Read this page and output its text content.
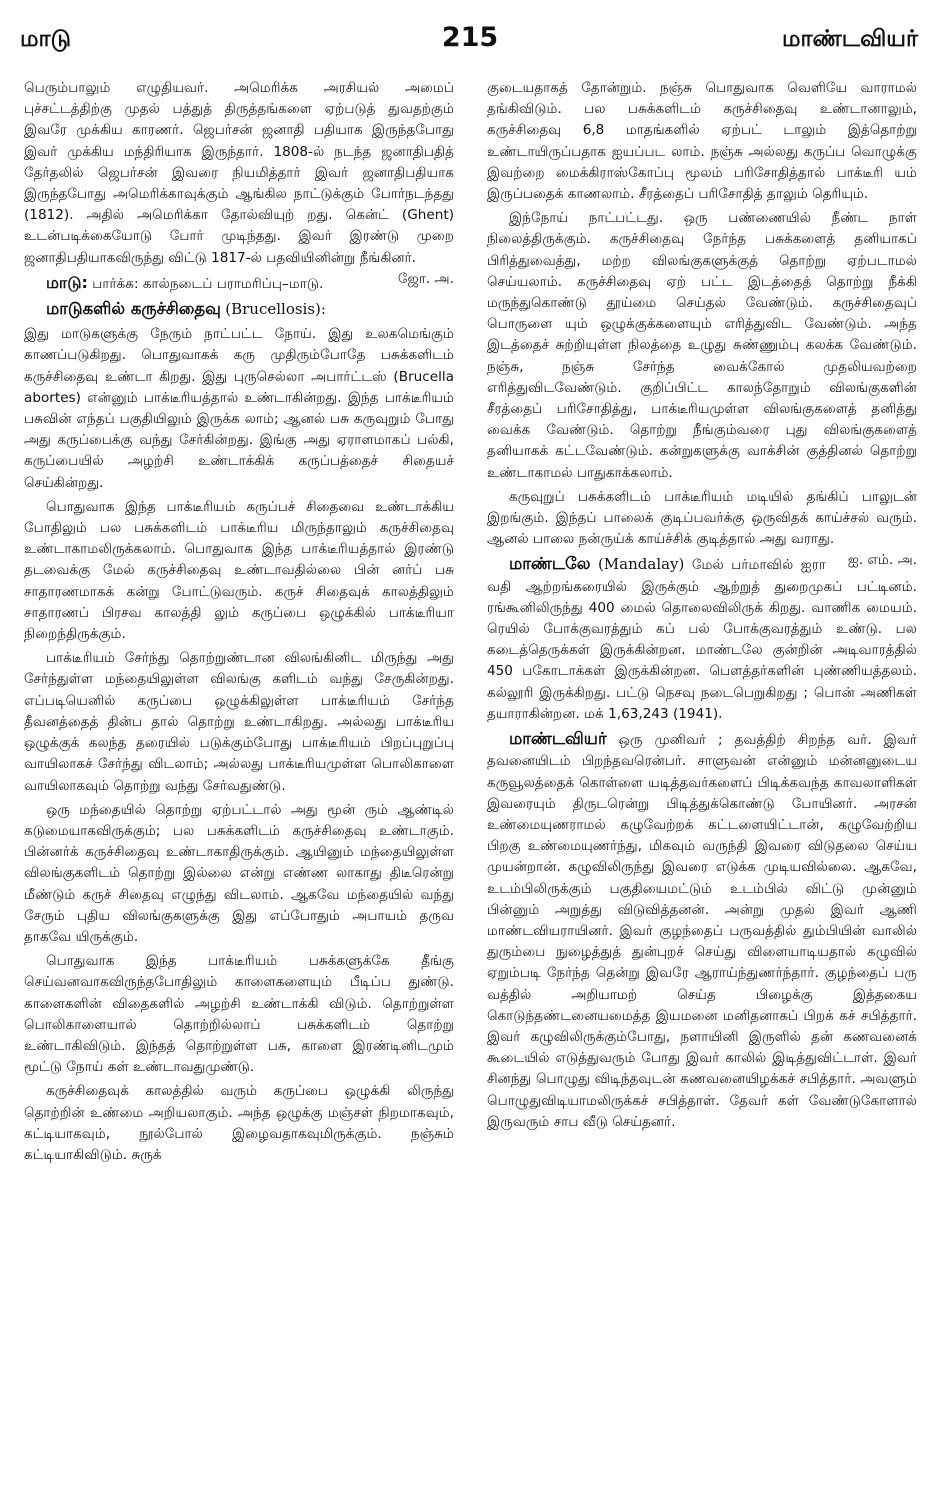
மாடு	215	மாண்டவியர்

பெரும்பாலும் எழுதியவர். அமெரிக்க அரசியல் அமைப் புச்சட்டத்திற்கு முதல் பத்துத் திருத்தங்களை ஏற்படுத் துவதற்கும் இவரே முக்கிய காரணர். ஜெபர்சன் ஜனாதி பதியாக இருந்தபோது இவர் முக்கிய மந்திரியாக இருந்தார். 1808-ல் நடந்த ஜனாதிபதித் தேர்தலில் ஜெபர்சன் இவரை நியமித்தார் இவர் ஜனாதிபதியாக இருந்தபோது அமெரிக்காவுக்கும் ஆங்கில நாட்டுக்கும் போர்நடந்தது (1812). அதில் அமெரிக்கா தோல்வியுற் றது. கென்ட் (Ghent) உடன்படிக்கையோடு போர் முடிந்தது. இவர் இரண்டு முறை ஜனாதிபதியாகவிருந்து விட்டு 1817-ல் பதவியினின்று நீங்கினர்.
ஜோ. அ.

மாடு: பார்க்க: கால்நடைப் பராமரிப்பு–மாடு.

மாடுகளில் கருச்சிதைவு (Brucellosis):

இது மாடுகளுக்கு நேரும் நாட்பட்ட நோய். இது உலகமெங்கும் காணப்படுகிறது. பொதுவாகக் கரு முதிரும்போதே பசுக்களிடம் கருச்சிதைவு உண்டா கிறது. இது புருசெல்லா அபார்ட்டஸ் (Brucella abortes) என்னும் பாக்டீரியத்தால் உண்டாகின்றது. இந்த பாக்டீரியம் பசுவின் எந்தப் பகுதியிலும் இருக்க லாம்; ஆனல் பசு கருவுறும் போது அது கருப்பைக்கு வந்து சேர்கின்றது. இங்கு அது ஏராளமாகப் பல்கி, கருப்பையில் அழற்சி உண்டாக்கிக் கருப்பத்தைச் சிதையச் செய்கின்றது.

பொதுவாக இந்த பாக்டீரியம் கருப்பச் சிதைவை உண்டாக்கிய போதிலும் பல பசுக்களிடம் பாக்டீரிய மிருந்தாலும் கருச்சிதைவு உண்டாகாமலிருக்கலாம். பொதுவாக இந்த பாக்டீரியத்தால் இரண்டு தடவைக்கு மேல் கருச்சிதைவு உண்டாவதில்லை பின் னர்ப் பசு சாதாரணமாகக் கன்று போட்டுவரும். கருச் சிதைவுக் காலத்திலும் சாதாரணப் பிரசவ காலத்தி லும் கருப்பை ஒழுக்கில் பாக்டீரியா நிறைந்திருக்கும்.

பாக்டீரியம் சேர்ந்து தொற்றுண்டான விலங்கினிட மிருந்து அது சேர்ந்துள்ள மந்தையிலுள்ள விலங்கு களிடம் வந்து சேருகின்றது. எப்படியெனில் கருப்பை ஒழுக்கிலுள்ள பாக்டீரியம் சேர்ந்த தீவனத்தைத் தின்ப தால் தொற்று உண்டாகிறது. அல்லது பாக்டீரிய ஒழுக்குக் கலந்த தரையில் படுக்கும்போது பாக்டீரியம் பிறப்புறுப்பு வாயிலாகச் சேர்ந்து விடலாம்; அல்லது பாக்டீரியமுள்ள பொலிகாளை வாயிலாகவும் தொற்று வந்து சேர்வதுண்டு.

ஒரு மந்தையில் தொற்று ஏற்பட்டால் அது மூன் ரும் ஆண்டில் கடுமையாகவிருக்கும்; பல பசுக்களிடம் கருச்சிதைவு உண்டாகும். பின்னர்க் கருச்சிதைவு உண்டாகாதிருக்கும். ஆயினும் மந்தையிலுள்ள விலங்குகளிடம் தொற்று இல்லை என்று எண்ண லாகாது திடீரென்று மீண்டும் கருச் சிதைவு எழுந்து விடலாம். ஆகவே மந்தையில் வந்து சேரும் புதிய விலங்குகளுக்கு இது எப்போதும் அபாயம் தருவ தாகவே யிருக்கும்.

பொதுவாக இந்த பாக்டீரியம் பசுக்களுக்கே தீங்கு செய்வனவாகவிருந்தபோதிலும் காளைகளையும் பீடிப்ப துண்டு. காளைகளின் விதைகளில் அழற்சி உண்டாக்கி விடும். தொற்றுள்ள பொலிகாளையால் தொற்றில்லாப் பசுக்களிடம் தொற்று உண்டாகிவிடும். இந்தத் தொற்றுள்ள பசு, காளை இரண்டினிடமும் மூட்டு நோய் கள் உண்டாவதுமுண்டு.

கருச்சிதைவுக் காலத்தில் வரும் கருப்பை ஒழுக்கி லிருந்து தொற்றின் உண்மை அறியலாகும். அந்த ஒழுக்கு மஞ்சள் நிறமாகவும், கட்டியாகவும், நூல்போல் இழைவதாகவுமிருக்கும். நஞ்சும் கட்டியாகிவிடும். சுருக்

குடையதாகத் தோன்றும். நஞ்சு பொதுவாக வெளியே வாராமல் தங்கிவிடும். பல பசுக்களிடம் கருச்சிதைவு உண்டானாலும், கருச்சிதைவு 6,8 மாதங்களில் ஏற்பட் டாலும் இத்தொற்று உண்டாயிருப்பதாக ஐயப்பட லாம். நஞ்சு அல்லது கருப்ப வொழுக்கு இவற்றை மைக்கிராஸ்கோப்பு மூலம் பரிசோதித்தால் பாக்டீரி யம் இருப்பதைக் காணலாம். சீரத்தைப் பரிசோதித் தாலும் தெரியும்.

இந்நோய் நாட்பட்டது. ஒரு பண்ணையில் நீண்ட நாள் நிலைத்திருக்கும். கருச்சிதைவு நேர்ந்த பசுக்களைத் தனியாகப் பிரித்துவைத்து, மற்ற விலங்குகளுக்குத் தொற்று ஏற்படாமல் செய்யலாம். கருச்சிதைவு ஏற் பட்ட இடத்தைத் தொற்று நீக்கி மருந்துகொண்டு தூய்மை செய்தல் வேண்டும். கருச்சிதைவுப் பொருளை யும் ஒழுக்குக்களையும் எரித்துவிட வேண்டும். அந்த இடத்தைச் சுற்றியுள்ள நிலத்தை உழுது சுண்ணும்பு கலக்க வேண்டும். நஞ்சு, நஞ்சு சேர்ந்த வைக்கோல் முதலியவற்றை எரித்துவிடவேண்டும். குறிப்பிட்ட காலந்தோறும் விலங்குகளின் சீரத்தைப் பரிசோதித்து, பாக்டீரியமுள்ள விலங்குகளைத் தனித்து வைக்க வேண்டும். தொற்று நீங்கும்வரை புது விலங்குகளைத் தனியாகக் கட்டவேண்டும். கன்றுகளுக்கு வாக்சின் குத்தினல் தொற்று உண்டாகாமல் பாதுகாக்கலாம்.

கருவுறுப் பசுக்களிடம் பாக்டீரியம் மடியில் தங்கிப் பாலுடன் இறங்கும். இந்தப் பாலைக் குடிப்பவர்க்கு ஒருவிதக் காய்ச்சல் வரும். ஆனல் பாலை நன்ருய்க் காய்ச்சிக் குடித்தால் அது வராது.
ஐ. எம். அ.

மாண்டலே (Mandalay) மேல் பர்மாவில் ஐரா வதி ஆற்றங்கரையில் இருக்கும் ஆற்றுத் துறைமுகப் பட்டினம். ரங்கூனிலிருந்து 400 மைல் தொலைவிலிருக் கிறது. வாணிக மையம். ரெயில் போக்குவரத்தும் கப் பல் போக்குவரத்தும் உண்டு. பல கடைத்தெருக்கள் இருக்கின்றன. மாண்டலே குன்றின் அடிவாரத்தில் 450 பகோடாக்கள் இருக்கின்றன. பௌத்தர்களின் புண்ணியத்தலம். கல்லூரி இருக்கிறது. பட்டு நெசவு நடைபெறுகிறது ; பொன் அணிகள் தயாராகின்றன. மக் 1,63,243 (1941).

மாண்டவியர் ஒரு முனிவர் ; தவத்திற் சிறந்த வர். இவர் தவனையிடம் பிறந்தவரென்பர். சாளுவன் என்னும் மன்னனுடைய கருவூலத்தைக் கொள்ளை யடித்தவர்களைப் பிடிக்கவந்த காவலாளிகள் இவரையும் திருடரென்று பிடித்துக்கொண்டு போயினர். அரசன் உண்மையுணராமல் கழுவேற்றக் கட்டளையிட்டான், கழுவேற்றிய பிறகு உண்மையுணர்ந்து, மிகவும் வருந்தி இவரை விடுதலை செய்ய முயன்றான். கழுவிலிருந்து இவரை எடுக்க முடியவில்லை. ஆகவே, உடம்பிலிருக்கும் பகுதியைமட்டும் உடம்பில் விட்டு முன்னும் பின்னும் அறுத்து விடுவித்தனன். அன்று முதல் இவர் ஆணி மாண்டவியராயினர். இவர் குழந்தைப் பருவத்தில் தும்பியின் வாலில் துரும்பை நுழைத்துத் துன்புறச் செய்து விளையாடியதால் கழுவில் ஏறும்படி நேர்ந்த தென்று இவரே ஆராய்ந்துணர்ந்தார். குழந்தைப் பரு வத்தில் அறியாமற் செய்த பிழைக்கு இத்தகைய கொடுந்தண்டனையமைத்த இயமனை மனிதனாகப் பிறக் கச் சபித்தார். இவர் கழுவிலிருக்கும்போது, நளாயினி இருளில் தன் கணவனைக் கூடையில் எடுத்துவரும் போது இவர் காலில் இடித்துவிட்டாள். இவர் சினந்து பொழுது விடிந்தவுடன் கணவனையிழக்கச் சபித்தார். அவளும் பொழுதுவிடியாமலிருக்கச் சபித்தாள். தேவர் கள் வேண்டுகோளால் இருவரும் சாப வீடு செய்தனர்.
